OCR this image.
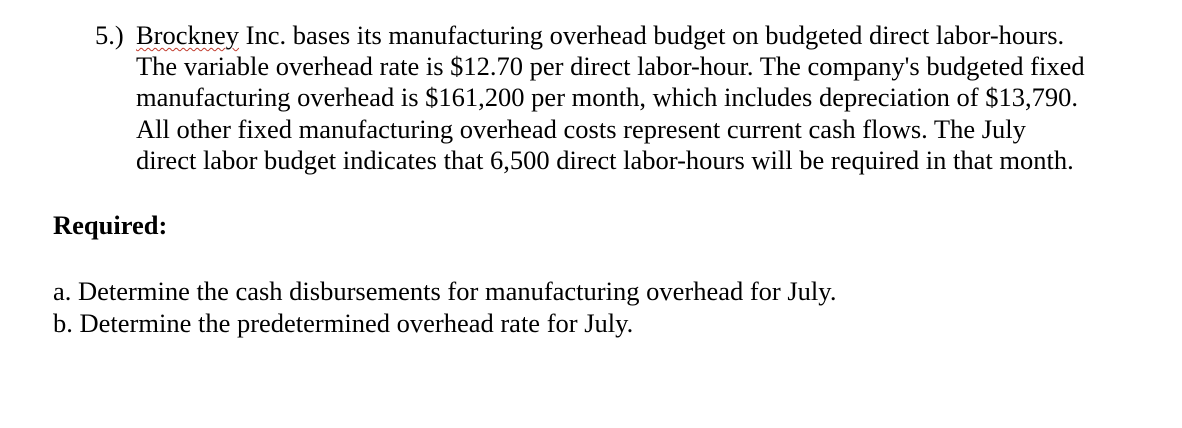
5.) Brockney Inc. bases its manufacturing overhead budget on budgeted direct labor-hours.
The variable overhead rate is $12.70 per direct labor-hour. The company's budgeted fixed
manufacturing overhead is $161,200 per month, which includes depreciation of $13,790.
All other fixed manufacturing overhead costs represent current cash flows. The July
direct labor budget indicates that 6,500 direct labor-hours will be required in that month.

Required:

a. Determine the cash disbursements for manufacturing overhead for July.
b. Determine the predetermined overhead rate for July.
